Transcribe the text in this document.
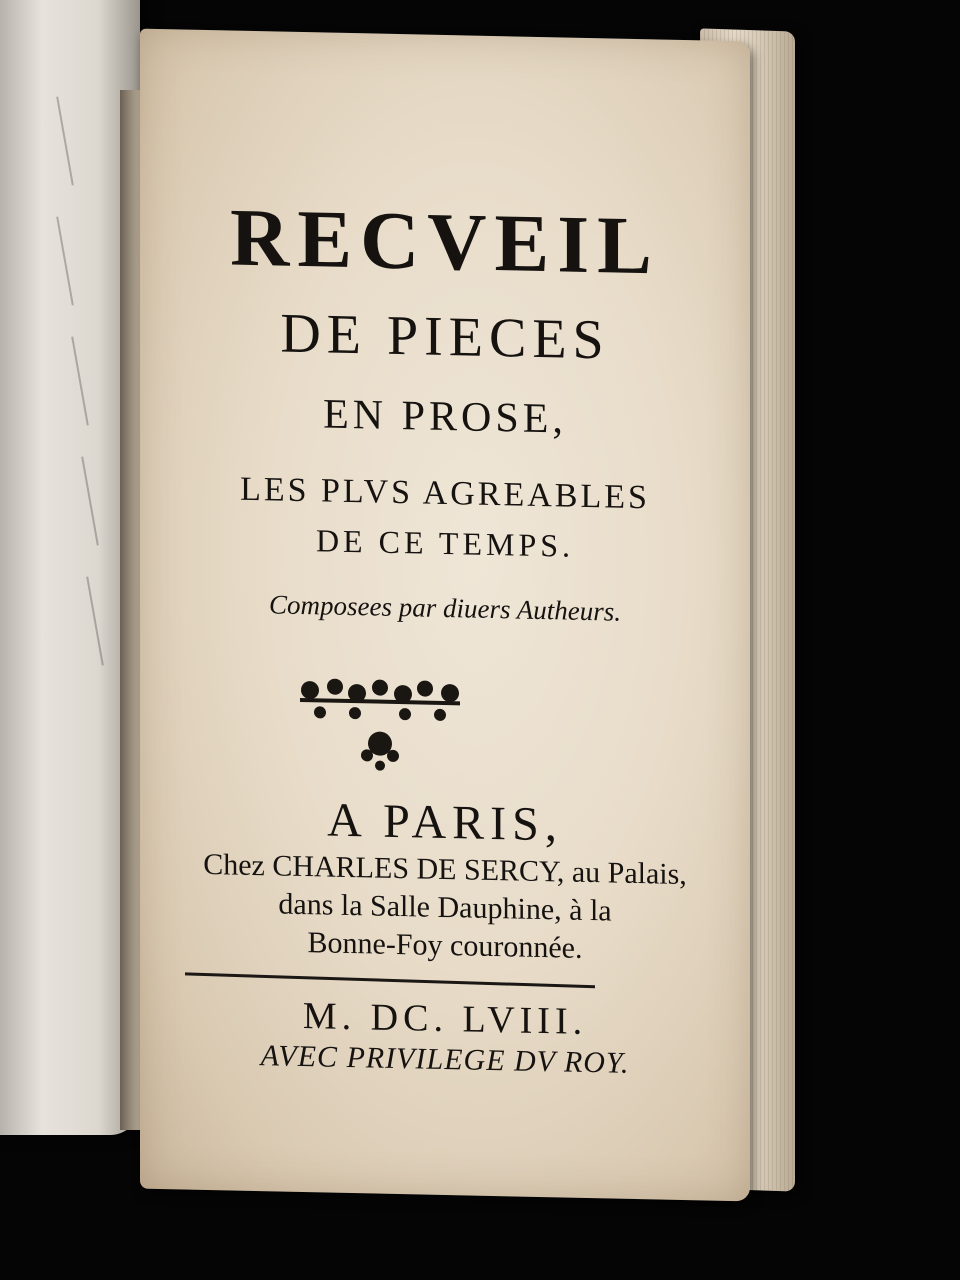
RECVEIL
DE PIECES
EN PROSE,
LES PLVS AGREABLES
DE CE TEMPS.
Composees par diuers Autheurs.
A PARIS,
Chez CHARLES DE SERCY, au Palais,
dans la Salle Dauphine, à la
Bonne-Foy couronnée.
M. DC. LVIII.
AVEC PRIVILEGE DV ROY.
